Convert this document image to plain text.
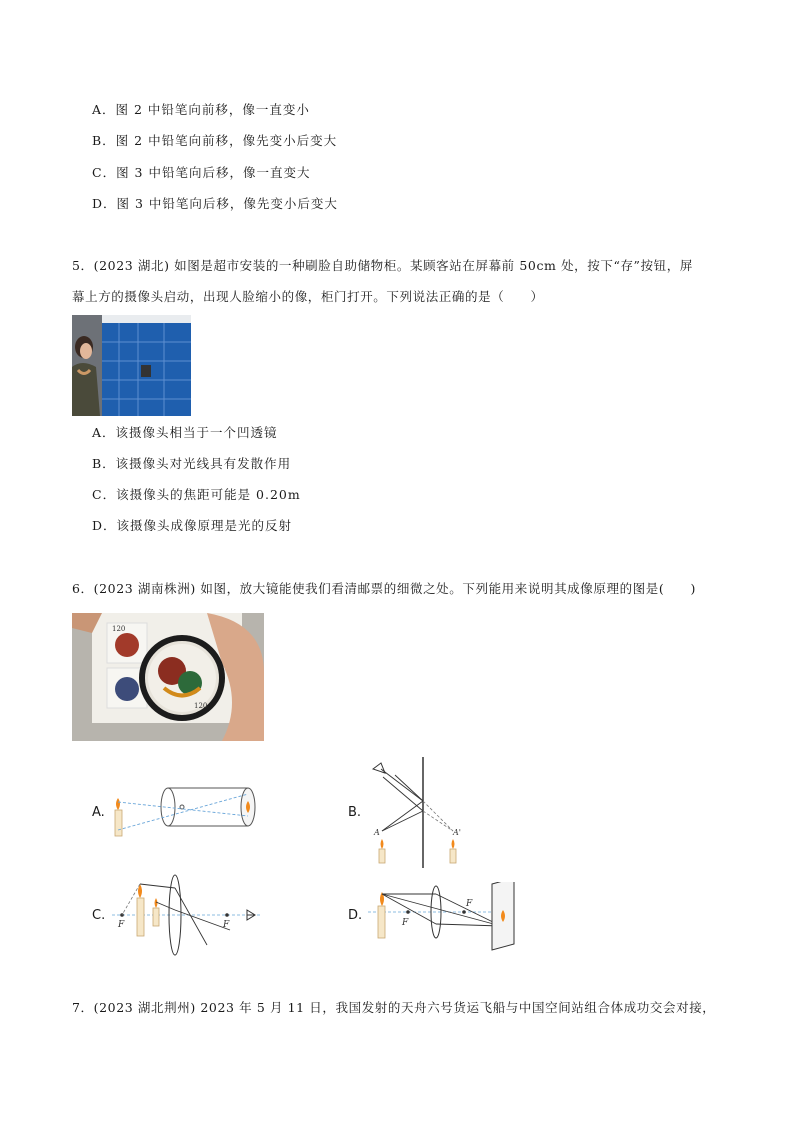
A．图 2 中铅笔向前移，像一直变小
B．图 2 中铅笔向前移，像先变小后变大
C．图 3 中铅笔向后移，像一直变大
D．图 3 中铅笔向后移，像先变小后变大
5．(2023 湖北) 如图是超市安装的一种刷脸自助储物柜。某顾客站在屏幕前 50cm 处，按下“存”按钮，屏
幕上方的摄像头启动，出现人脸缩小的像，柜门打开。下列说法正确的是（　　）
A．该摄像头相当于一个凹透镜
B．该摄像头对光线具有发散作用
C．该摄像头的焦距可能是 0.20m
D．该摄像头成像原理是光的反射
6．(2023 湖南株洲) 如图，放大镜能使我们看清邮票的细微之处。下列能用来说明其成像原理的图是(　　)
120
120
A.	B.
A	A'
C.
F	F
D.	F
F
7．(2023 湖北荆州) 2023 年 5 月 11 日，我国发射的天舟六号货运飞船与中国空间站组合体成功交会对接，
